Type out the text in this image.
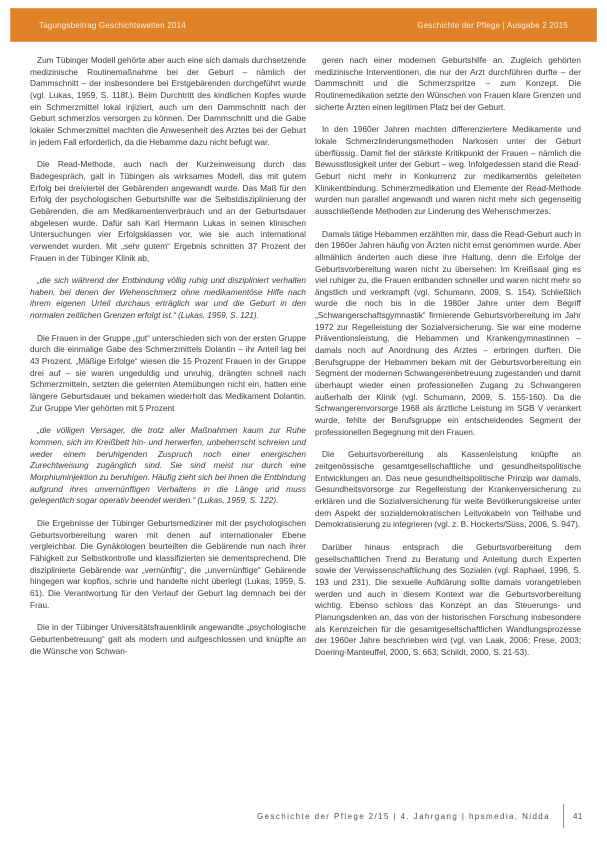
Tagungsbeitrag Geschichtswelten 2014	Geschichte der Pflege | Ausgabe 2 2015

Zum Tübinger Modell gehörte aber auch eine sich damals durchsetzende medizinische Routinemaßnahme bei der Geburt – nämlich der Dammschnitt – der insbesondere bei Erstgebärenden durchgeführt wurde (vgl. Lukas, 1959, S. 118f.). Beim Durchtritt des kindlichen Kopfes wurde ein Schmerzmittel lokal injiziert, auch um den Dammschnitt nach der Geburt schmerzlos versorgen zu können. Der Dammschnitt und die Gabe lokaler Schmerzmittel machten die Anwesenheit des Arztes bei der Geburt in jedem Fall erforderlich, da die Hebamme dazu nicht befugt war.

Die Read-Methode, auch nach der Kurzeinweisung durch das Badegespräch, galt in Tübingen als wirksames Modell, das mit gutem Erfolg bei dreiviertel der Gebärenden angewandt wurde. Das Maß für den Erfolg der psychologischen Geburtshilfe war die Selbstdisziplinierung der Gebärenden, die am Medikamentenverbrauch und an der Geburtsdauer abgelesen wurde. Dafür sah Karl Hermann Lukas in seinen klinischen Untersuchungen vier Erfolgsklassen vor, wie sie auch international verwendet wurden. Mit „sehr gutem“ Ergebnis schnitten 37 Prozent der Frauen in der Tübinger Klinik ab,

„die sich während der Entbindung völlig ruhig und diszipliniert verhalten haben, bei denen der Wehenschmerz ohne medikamentöse Hilfe nach ihrem eigenen Urteil durchaus erträglich war und die Geburt in den normalen zeitlichen Grenzen erfolgt ist.“ (Lukas, 1959, S. 121).

Die Frauen in der Gruppe „gut“ unterschieden sich von der ersten Gruppe durch die einmalige Gabe des Schmerzmittels Dolantin – ihr Anteil lag bei 43 Prozent. „Mäßige Erfolge“ wiesen die 15 Prozent Frauen in der Gruppe drei auf – sie waren ungeduldig und unruhig, drängten schnell nach Schmerzmitteln, setzten die gelernten Atemübungen nicht ein, hatten eine längere Geburtsdauer und bekamen wiederholt das Medikament Dolantin. Zur Gruppe Vier gehörten mit 5 Prozent

„die völligen Versager, die trotz aller Maßnahmen kaum zur Ruhe kommen, sich im Kreißbett hin- und herwerfen, unbeherrscht schreien und weder einem beruhigenden Zuspruch noch einer energischen Zurechtweisung zugänglich sind. Sie sind meist nur durch eine Morphiuminjektion zu beruhigen. Häufig zieht sich bei ihnen die Entbindung aufgrund ihres unvernünftigen Verhaltens in die Länge und muss gelegentlich sogar operativ beendet werden.“ (Lukas, 1959, S. 122).

Die Ergebnisse der Tübinger Geburtsmediziner mit der psychologischen Geburtsvorbereitung waren mit denen auf internationaler Ebene vergleichbar. Die Gynäkologen beurteilten die Gebärende nun nach ihrer Fähigkeit zur Selbstkontrolle und klassifizierten sie dementsprechend. Die disziplinierte Gebärende war „vernünftig“, die „unvernünftige“ Gebärende hingegen war kopflos, schrie und handelte nicht überlegt (Lukas, 1959, S. 61). Die Verantwortung für den Verlauf der Geburt lag demnach bei der Frau.

Die in der Tübinger Universitätsfrauenklinik angewandte „psychologische Geburtenbetreuung“ galt als modern und aufgeschlossen und knüpfte an die Wünsche von Schwan-

geren nach einer modernen Geburtshilfe an. Zugleich gehörten medizinische Interventionen, die nur der Arzt durchführen durfte – der Dammschnitt und die Schmerzspritze – zum Konzept. Die Routinemedikation setzte den Wünschen von Frauen klare Grenzen und sicherte Ärzten einen legitimen Platz bei der Geburt.

In den 1960er Jahren machten differenziertere Medikamente und lokale Schmerzlinderungsmethoden Narkosen unter der Geburt überflüssig. Damit fiel der stärkste Kritikpunkt der Frauen – nämlich die Bewusstlosigkeit unter der Geburt – weg. Infolgedessen stand die Read-Geburt nicht mehr in Konkurrenz zur medikamentös geleiteten Klinikentbindung. Schmerzmedikation und Elemente der Read-Methode wurden nun parallel angewandt und waren nicht mehr sich gegenseitig ausschließende Methoden zur Linderung des Wehenschmerzes.

Damals tätige Hebammen erzählten mir, dass die Read-Geburt auch in den 1960er Jahren häufig von Ärzten nicht ernst genommen wurde. Aber allmählich änderten auch diese ihre Haltung, denn die Erfolge der Geburtsvorbereitung waren nicht zu übersehen: Im Kreißsaal ging es viel ruhiger zu, die Frauen entbanden schneller und waren nicht mehr so ängstlich und verkrampft (vgl. Schumann, 2009, S. 154). Schließlich wurde die noch bis in die 1980er Jahre unter dem Begriff „Schwangerschaftsgymnastik“ firmierende Geburtsvorbereitung im Jahr 1972 zur Regelleistung der Sozialversicherung. Sie war eine moderne Präventionsleistung, die Hebammen und Krankengymnastinnen – damals noch auf Anordnung des Arztes – erbringen durften. Die Berufsgruppe der Hebammen bekam mit der Geburtsvorbereitung ein Segment der modernen Schwangerenbetreuung zugestanden und damit überhaupt wieder einen professionellen Zugang zu Schwangeren außerhalb der Klinik (vgl. Schumann, 2009, S. 155-160). Da die Schwangerenvorsorge 1968 als ärztliche Leistung im SGB V verankert wurde, fehlte der Berufsgruppe ein entscheidendes Segment der professionellen Begegnung mit den Frauen.

Die Geburtsvorbereitung als Kassenleistung knüpfte an zeitgenössische gesamtgesellschaftliche und gesundheitspolitische Entwicklungen an. Das neue gesundheitspolitische Prinzip war damals, Gesundheitsvorsorge zur Regelleistung der Krankenversicherung zu erklären und die Sozialversicherung für weite Bevölkerungskreise unter dem Aspekt der sozialdemokratischen Leitvokabeln von Teilhabe und Demokratisierung zu integrieren (vgl. z. B. Hockerts/Süss, 2006, S. 947).

Darüber hinaus entsprach die Geburtsvorbereitung dem gesellschaftlichen Trend zu Beratung und Anleitung durch Experten sowie der Verwissenschaftlichung des Sozialen (vgl. Raphael, 1996, S. 193 und 231). Die sexuelle Aufklärung sollte damals vorangetrieben werden und auch in diesem Kontext war die Geburtsvorbereitung wichtig. Ebenso schloss das Konzept an das Steuerungs- und Planungsdenken an, das von der historischen Forschung insbesondere als Kennzeichen für die gesamtgesellschaftlichen Wandlungsprozesse der 1960er Jahre beschrieben wird (vgl. van Laak, 2006; Frese, 2003; Doering-Manteuffel, 2000, S. 663; Schildt, 2000, S. 21-53).

Geschichte der Pflege 2/15 | 4. Jahrgang | hpsmedia, Nidda	41
